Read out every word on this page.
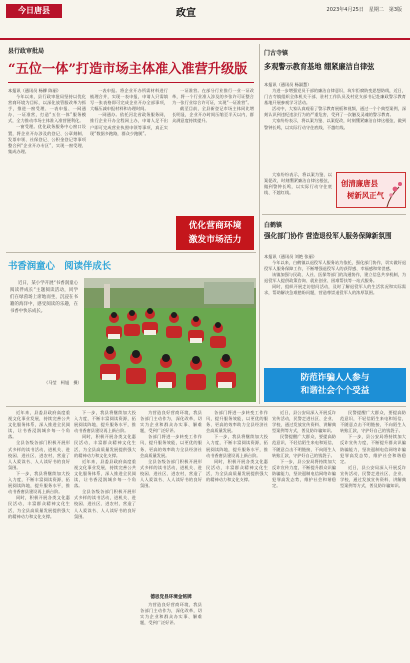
今日唐县	政宣	2023年4月25日　星期二　第3版
县行政审批局
“五位一体”打造市场主体准入准营升级版
本报讯（通讯员 杨柳 陈丽）

今年以来，县行政审批局坚持以优化营商环境为目标，以深化放管服改革为抓手，推进一窗受理、一表申报、一网通办、一证准营，打造“五位一体”服务模式，全力推动市场主体准入准营便利化。

一窗受理。优化政务服务中心窗口设置，将企业开办涉及的登记、公章刻制、发票申领、社保登记、公积金登记等事项整合到“企业开办专区”，实现一窗受理、集成办理。

一表申报。将企业开办所需材料进行梳理合并，实现一表申报，申请人只需填写一张表格即可完成企业开办全部事项，大幅压减申报材料和办理时间。

一网通办。依托河北省政务服务网，推行企业开办全程网上办，申请人足不出户即可完成营业执照申领等事项，真正实现“数据多跑路，群众少跑腿”。

一证准营。在部分行业推行一业一证改革，将一个行业准入涉及的多张许可证整合为一张行业综合许可证，实现“一证准营”。

截至目前，全县新登记市场主体同比增长明显，企业开办时间压缩至半天以内，群众满意度持续提升。

优化营商环境
激发市场活力
门古寺镇
多观警示教育基地 绷紧廉洁自律弦
本报讯（通讯员 杨淑慧）

为进一步增强党员干部的廉洁自律意识，筑牢拒腐防变思想防线，近日，门古寺镇组织全体机关干部、驻村工作队员及村党支部书记赴廉政警示教育基地开展参观学习活动。

活动中，大家认真观看了警示教育展板和视频，通过一个个典型案例，深刻认识到违纪违法行为的严重危害，受到了一次触及灵魂的警示教育。

大家纷纷表示，将以案为鉴、以案促改，时刻绷紧廉洁自律这根弦，做到警钟长鸣，以实际行动守住底线、不越红线。

大家纷纷表示，将以案为鉴、以案促改，时刻绷紧廉洁自律这根弦，做到警钟长鸣，以实际行动守住底线、不越红线。

创清廉唐县
树新风正气
白鹤镇
强化部门协作 营造退役军人服务保障新氛围
本报讯（通讯员 刘艳 张丽）

今年以来，白鹤镇以退役军人服务站为依托，强化部门协作，切实做好退役军人服务保障工作，不断增强退役军人的获得感、幸福感和荣誉感。

该镇加强与民政、人社、医保等部门的沟通协作，建立信息共享机制，为退役军人提供政策咨询、就业创业、困难帮扶等一站式服务。

同时，组织开展走访慰问活动，及时了解退役军人的生活状况和实际需求，帮助解决急难愁盼问题，营造尊崇退役军人的浓厚氛围。

防范诈骗人人参与
和谐社会个个受益
书香润童心　阅读伴成长

近日，某小学开展“书香润童心 阅读伴成长”主题阅读活动，同学们在绿茵场上席地而坐，沉浸在书籍的海洋中，感受阅读的乐趣，在书香中快乐成长。

（马莹　柯旭　摄）

近年来，县委县政府高度重视文化事业发展，持续完善公共文化服务体系，深入推进全民阅读，让书香浸润城乡每一个角落。

全县各级各部门积极开展形式多样的读书活动，进机关、进校园、进社区、进农村，营造了人人爱读书、人人读好书的良好氛围。

下一步，我县将继续加大投入力度，不断丰富阅读资源，拓展阅读阵地，提升服务水平，推动书香唐县建设再上新台阶。

同时，积极开展各类文化惠民活动，丰富群众精神文化生活，为全县高质量发展提供强大的精神动力和文化支撑。

下一步，我县将继续加大投入力度，不断丰富阅读资源，拓展阅读阵地，提升服务水平，推动书香唐县建设再上新台阶。

同时，积极开展各类文化惠民活动，丰富群众精神文化生活，为全县高质量发展提供强大的精神动力和文化支撑。

近年来，县委县政府高度重视文化事业发展，持续完善公共文化服务体系，深入推进全民阅读，让书香浸润城乡每一个角落。

全县各级各部门积极开展形式多样的读书活动，进机关、进校园、进社区、进农村，营造了人人爱读书、人人读好书的良好氛围。

为营造良好营商环境，我县各部门主动作为，深化改革，切实为企业和群众办实事、解难题，受到广泛好评。

各部门将进一步转变工作作风，提升服务效能，以更优的服务、更高的效率助力全县经济社会高质量发展。

全县各级各部门积极开展形式多样的读书活动，进机关、进校园、进社区、进农村，营造了人人爱读书、人人读好书的良好氛围。

德思党县环境金铭牌

为营造良好营商环境，我县各部门主动作为，深化改革，切实为企业和群众办实事、解难题，受到广泛好评。

各部门将进一步转变工作作风，提升服务效能，以更优的服务、更高的效率助力全县经济社会高质量发展。

下一步，我县将继续加大投入力度，不断丰富阅读资源，拓展阅读阵地，提升服务水平，推动书香唐县建设再上新台阶。

同时，积极开展各类文化惠民活动，丰富群众精神文化生活，为全县高质量发展提供强大的精神动力和文化支撑。

近日，县公安局深入开展反诈宣传活动，民警走进社区、企业、学校，通过发放宣传资料、讲解典型案例等方式，普及防诈骗知识。

民警提醒广大群众，要提高防范意识，不轻信陌生来电和短信，不随意点击不明链接，不向陌生人转账汇款，守护好自己的钱袋子。

下一步，县公安局将持续加大反诈宣传力度，不断提升群众识骗防骗能力，坚决遏制电信网络诈骗犯罪高发态势，维护社会和谐稳定。

民警提醒广大群众，要提高防范意识，不轻信陌生来电和短信，不随意点击不明链接，不向陌生人转账汇款，守护好自己的钱袋子。

下一步，县公安局将持续加大反诈宣传力度，不断提升群众识骗防骗能力，坚决遏制电信网络诈骗犯罪高发态势，维护社会和谐稳定。

近日，县公安局深入开展反诈宣传活动，民警走进社区、企业、学校，通过发放宣传资料、讲解典型案例等方式，普及防诈骗知识。
